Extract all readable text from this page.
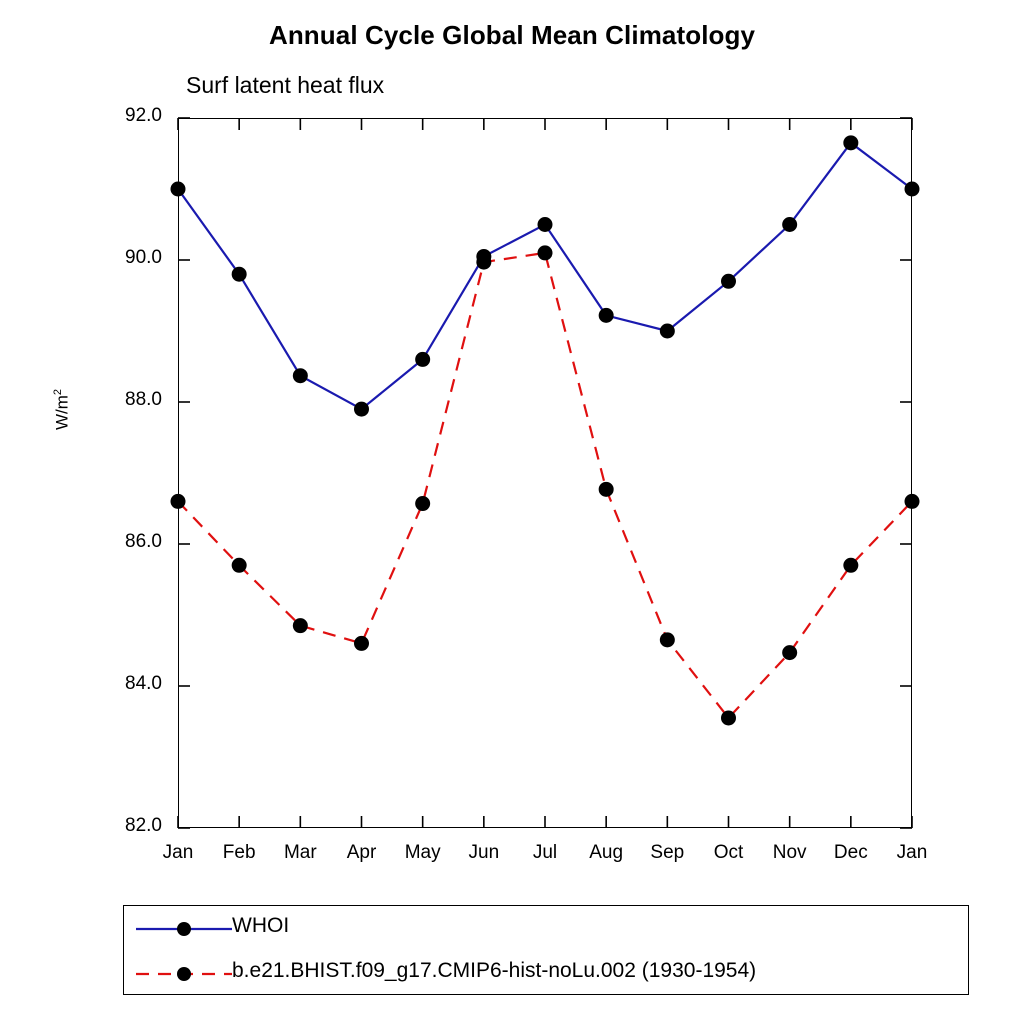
Annual Cycle Global Mean Climatology
Surf latent heat flux
$W/m^2$
82.0
84.0
86.0
88.0
90.0
92.0
Jan	Feb	Mar	Apr	May	Jun	Jul	Aug	Sep	Oct	Nov	Dec	Jan
WHOI
b.e21.BHIST.f09_g17.CMIP6-hist-noLu.002 (1930-1954)
